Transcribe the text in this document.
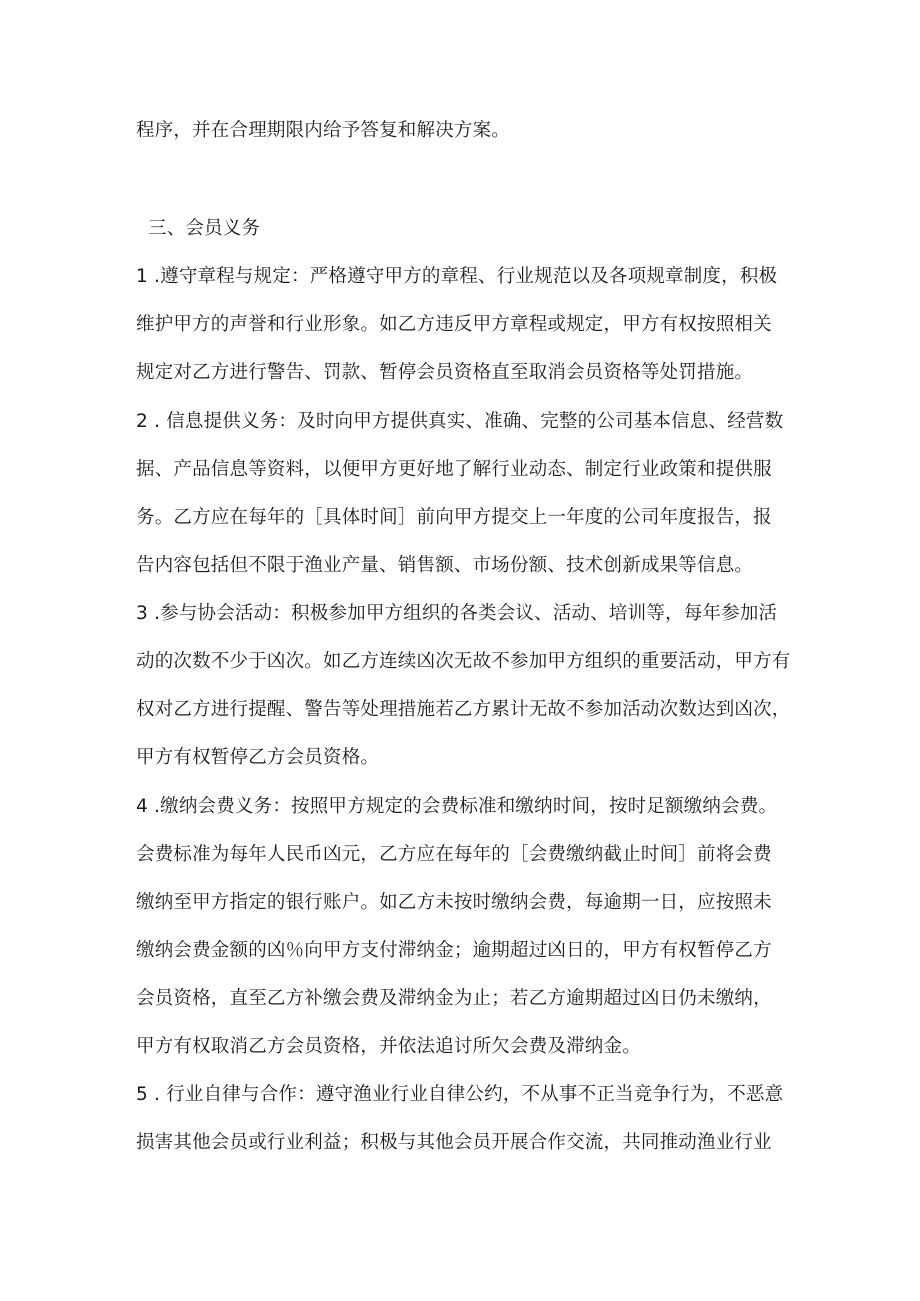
程序，并在合理期限内给予答复和解决方案。
三、会员义务
1 .遵守章程与规定：严格遵守甲方的章程、行业规范以及各项规章制度，积极
维护甲方的声誉和行业形象。如乙方违反甲方章程或规定，甲方有权按照相关
规定对乙方进行警告、罚款、暂停会员资格直至取消会员资格等处罚措施。
2 . 信息提供义务：及时向甲方提供真实、准确、完整的公司基本信息、经营数
据、产品信息等资料，以便甲方更好地了解行业动态、制定行业政策和提供服
务。乙方应在每年的［具体时间］前向甲方提交上一年度的公司年度报告，报
告内容包括但不限于渔业产量、销售额、市场份额、技术创新成果等信息。
3 .参与协会活动：积极参加甲方组织的各类会议、活动、培训等，每年参加活
动的次数不少于凶次。如乙方连续凶次无故不参加甲方组织的重要活动，甲方有
权对乙方进行提醒、警告等处理措施若乙方累计无故不参加活动次数达到凶次，
甲方有权暂停乙方会员资格。
4 .缴纳会费义务：按照甲方规定的会费标准和缴纳时间，按时足额缴纳会费。
会费标准为每年人民币凶元，乙方应在每年的［会费缴纳截止时间］前将会费
缴纳至甲方指定的银行账户。如乙方未按时缴纳会费，每逾期一日，应按照未
缴纳会费金额的凶％向甲方支付滞纳金；逾期超过凶日的，甲方有权暂停乙方
会员资格，直至乙方补缴会费及滞纳金为止；若乙方逾期超过凶日仍未缴纳，
甲方有权取消乙方会员资格，并依法追讨所欠会费及滞纳金。
5 . 行业自律与合作：遵守渔业行业自律公约，不从事不正当竞争行为，不恶意
损害其他会员或行业利益；积极与其他会员开展合作交流，共同推动渔业行业
